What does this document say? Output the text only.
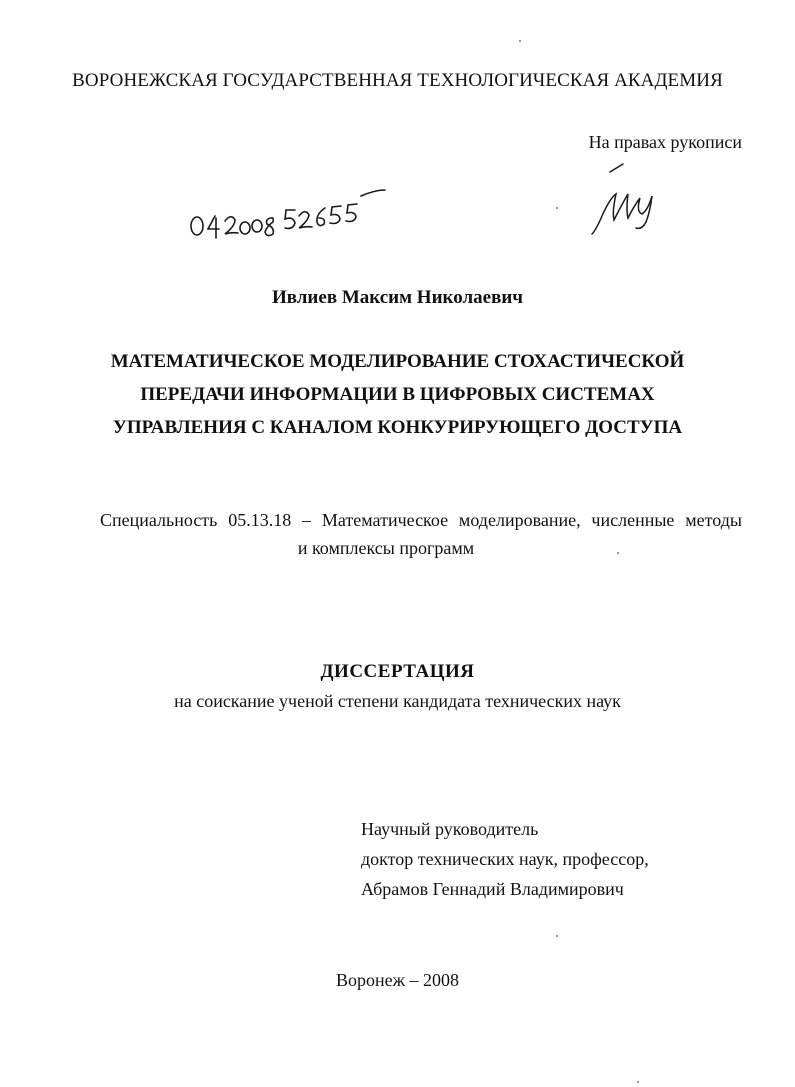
ВОРОНЕЖСКАЯ ГОСУДАРСТВЕННАЯ ТЕХНОЛОГИЧЕСКАЯ АКАДЕМИЯ
На правах рукописи
Ивлиев Максим Николаевич
МАТЕМАТИЧЕСКОЕ МОДЕЛИРОВАНИЕ СТОХАСТИЧЕСКОЙ
ПЕРЕДАЧИ ИНФОРМАЦИИ В ЦИФРОВЫХ СИСТЕМАХ
УПРАВЛЕНИЯ С КАНАЛОМ КОНКУРИРУЮЩЕГО ДОСТУПА
Специальность 05.13.18 – Математическое моделирование, численные методы
и комплексы программ
ДИССЕРТАЦИЯ
на соискание ученой степени кандидата технических наук
Научный руководитель
доктор технических наук, профессор,
Абрамов Геннадий Владимирович
Воронеж – 2008
